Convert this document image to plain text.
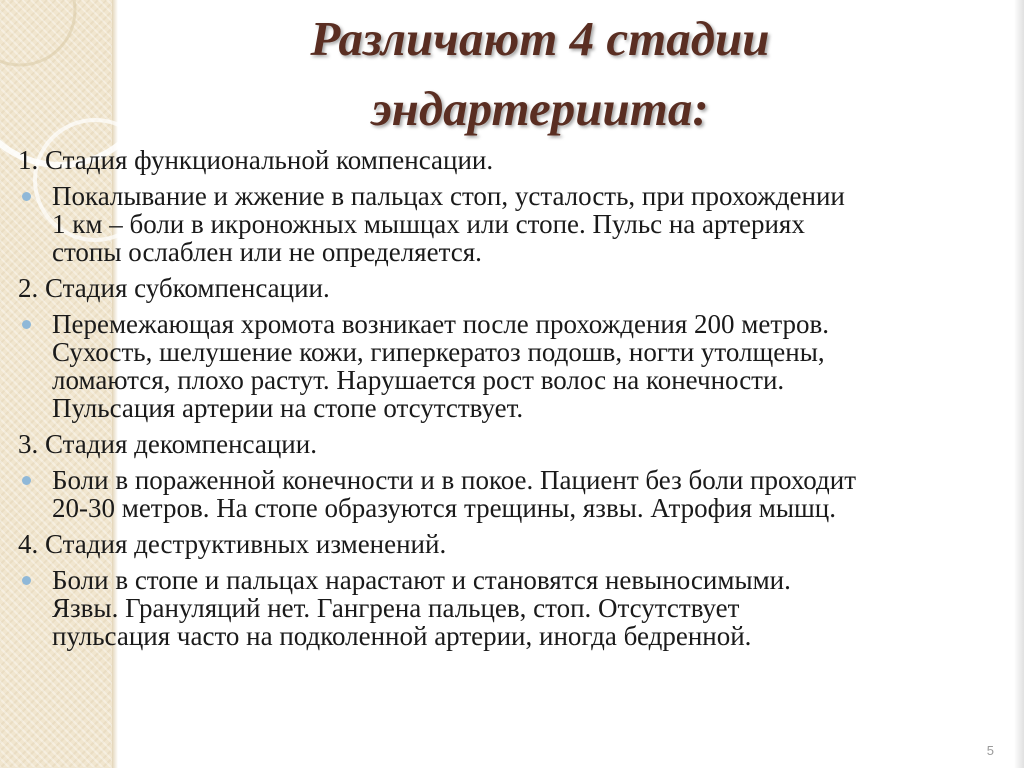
Различают 4 стадии
эндартериита:
1. Стадия функциональной компенсации.
Покалывание и жжение в пальцах стоп, усталость, при прохождении
1 км – боли в икроножных мышцах или стопе. Пульс на артериях
стопы ослаблен или не определяется.
2. Стадия субкомпенсации.
Перемежающая хромота возникает после прохождения 200 метров.
Сухость, шелушение кожи, гиперкератоз подошв, ногти утолщены,
ломаются, плохо растут. Нарушается рост волос на конечности.
Пульсация артерии на стопе отсутствует.
3. Стадия декомпенсации.
Боли в пораженной конечности и в покое. Пациент без боли проходит
20-30 метров. На стопе образуются трещины, язвы. Атрофия мышц.
4. Стадия деструктивных изменений.
Боли в стопе и пальцах нарастают и становятся невыносимыми.
Язвы. Грануляций нет. Гангрена пальцев, стоп. Отсутствует
пульсация часто на подколенной артерии, иногда бедренной.
5
